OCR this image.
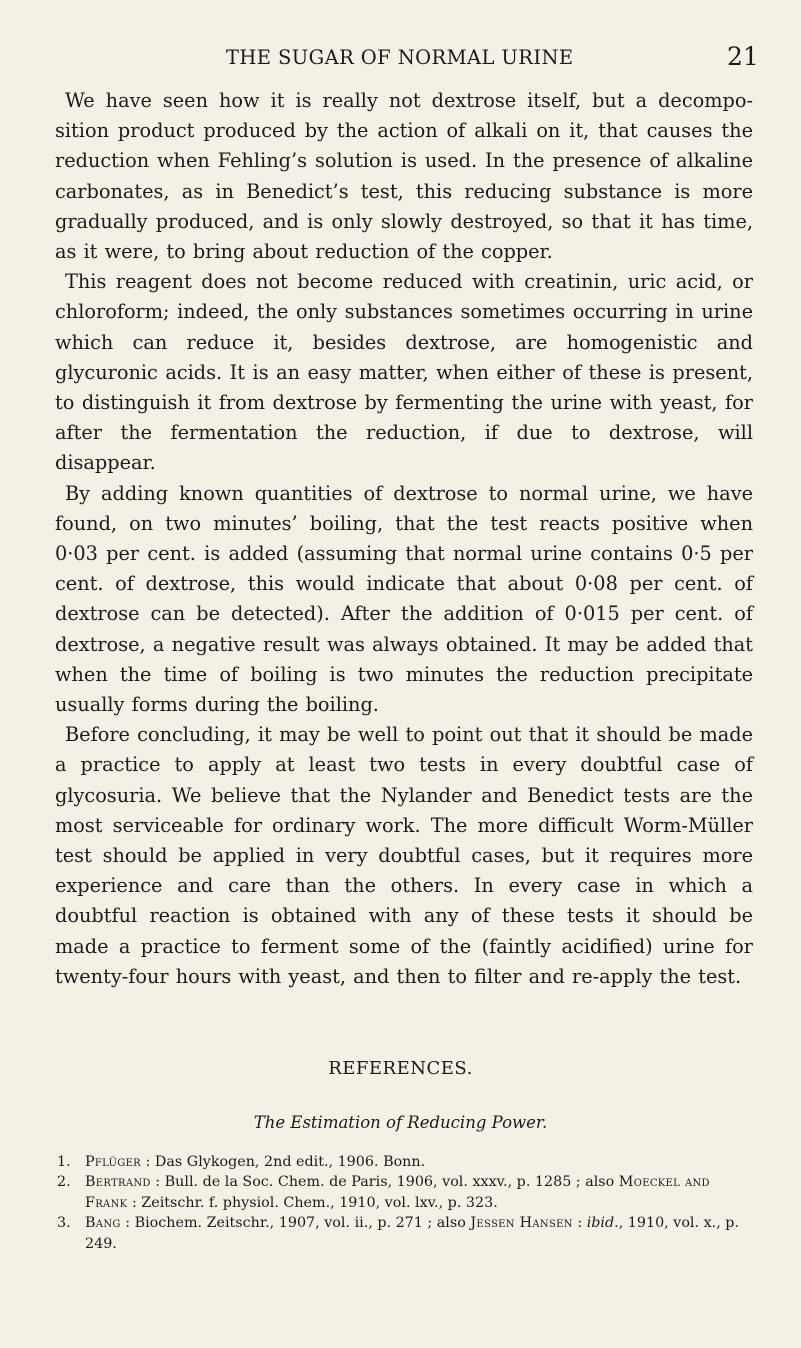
THE SUGAR OF NORMAL URINE	21

We have seen how it is really not dextrose itself, but a decomposition product produced by the action of alkali on it, that causes the reduction when Fehling’s solution is used. In the presence of alkaline carbonates, as in Benedict’s test, this reducing substance is more gradually produced, and is only slowly destroyed, so that it has time, as it were, to bring about reduction of the copper.

This reagent does not become reduced with creatinin, uric acid, or chloroform; indeed, the only substances sometimes occurring in urine which can reduce it, besides dextrose, are homogenistic and glycuronic acids. It is an easy matter, when either of these is present, to distinguish it from dextrose by fermenting the urine with yeast, for after the fermentation the reduction, if due to dextrose, will disappear.

By adding known quantities of dextrose to normal urine, we have found, on two minutes’ boiling, that the test reacts positive when 0·03 per cent. is added (assuming that normal urine contains 0·5 per cent. of dextrose, this would indicate that about 0·08 per cent. of dextrose can be detected). After the addition of 0·015 per cent. of dextrose, a negative result was always obtained. It may be added that when the time of boiling is two minutes the reduction precipitate usually forms during the boiling.

Before concluding, it may be well to point out that it should be made a practice to apply at least two tests in every doubtful case of glycosuria. We believe that the Nylander and Benedict tests are the most serviceable for ordinary work. The more difficult Worm-Müller test should be applied in very doubtful cases, but it requires more experience and care than the others. In every case in which a doubtful reaction is obtained with any of these tests it should be made a practice to ferment some of the (faintly acidified) urine for twenty-four hours with yeast, and then to filter and re-apply the test.

REFERENCES.
The Estimation of Reducing Power.
1. Pflüger : Das Glykogen, 2nd edit., 1906. Bonn.
2. Bertrand : Bull. de la Soc. Chem. de Paris, 1906, vol. xxxv., p. 1285 ; also Moeckel and Frank : Zeitschr. f. physiol. Chem., 1910, vol. lxv., p. 323.
3. Bang : Biochem. Zeitschr., 1907, vol. ii., p. 271 ; also Jessen Hansen : ibid., 1910, vol. x., p. 249.
